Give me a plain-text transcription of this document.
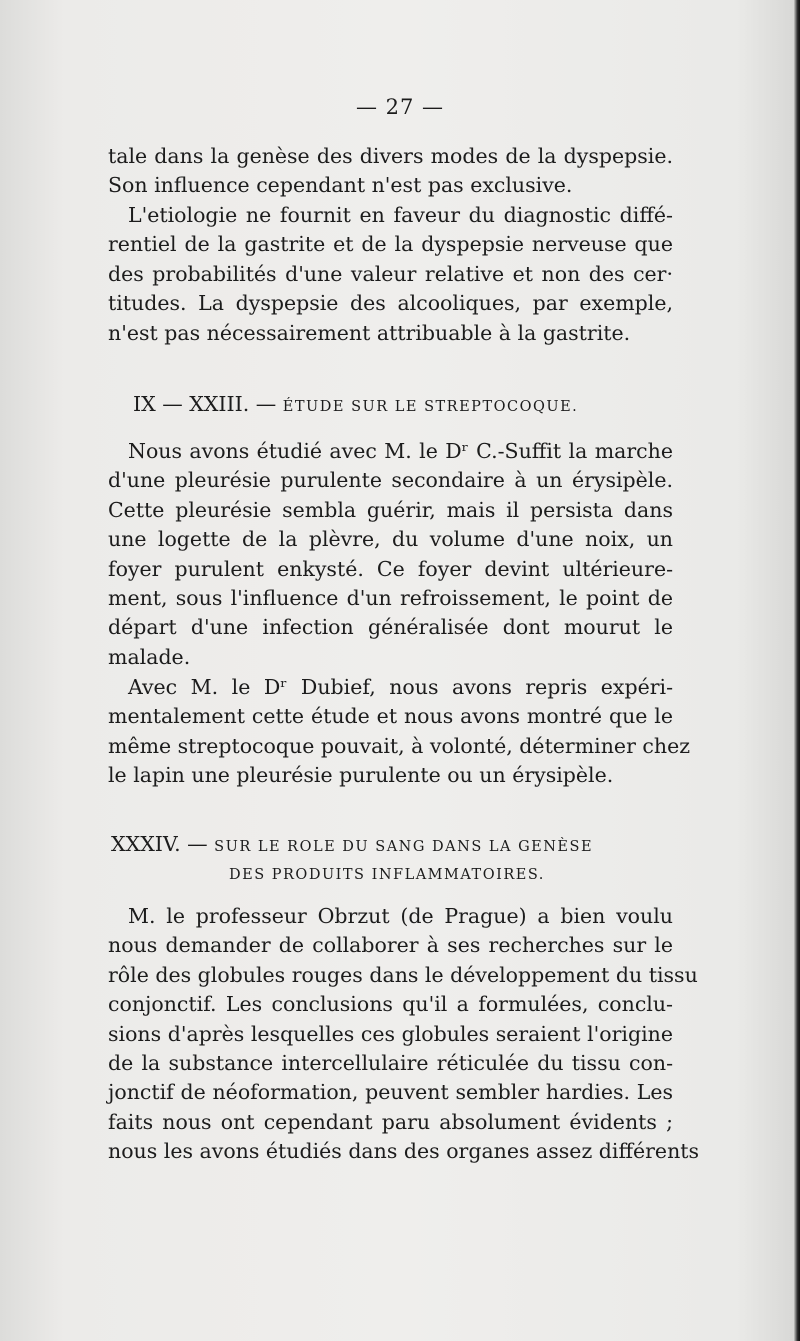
— 27 —
tale dans la genèse des divers modes de la dyspepsie.
Son influence cependant n'est pas exclusive.
L'etiologie ne fournit en faveur du diagnostic diffé-
rentiel de la gastrite et de la dyspepsie nerveuse que
des probabilités d'une valeur relative et non des cer·
titudes. La dyspepsie des alcooliques, par exemple,
n'est pas nécessairement attribuable à la gastrite.
IX — XXIII. — ÉTUDE SUR LE STREPTOCOQUE.
Nous avons étudié avec M. le Dʳ C.-Suffit la marche
d'une pleurésie purulente secondaire à un érysipèle.
Cette pleurésie sembla guérir, mais il persista dans
une logette de la plèvre, du volume d'une noix, un
foyer purulent enkysté. Ce foyer devint ultérieure-
ment, sous l'influence d'un refroissement, le point de
départ d'une infection généralisée dont mourut le
malade.
Avec M. le Dʳ Dubief, nous avons repris expéri-
mentalement cette étude et nous avons montré que le
même streptocoque pouvait, à volonté, déterminer chez
le lapin une pleurésie purulente ou un érysipèle.
XXXIV. — SUR LE ROLE DU SANG DANS LA GENÈSE
DES PRODUITS INFLAMMATOIRES.
M. le professeur Obrzut (de Prague) a bien voulu
nous demander de collaborer à ses recherches sur le
rôle des globules rouges dans le développement du tissu
conjonctif. Les conclusions qu'il a formulées, conclu-
sions d'après lesquelles ces globules seraient l'origine
de la substance intercellulaire réticulée du tissu con-
jonctif de néoformation, peuvent sembler hardies. Les
faits nous ont cependant paru absolument évidents ;
nous les avons étudiés dans des organes assez différents
